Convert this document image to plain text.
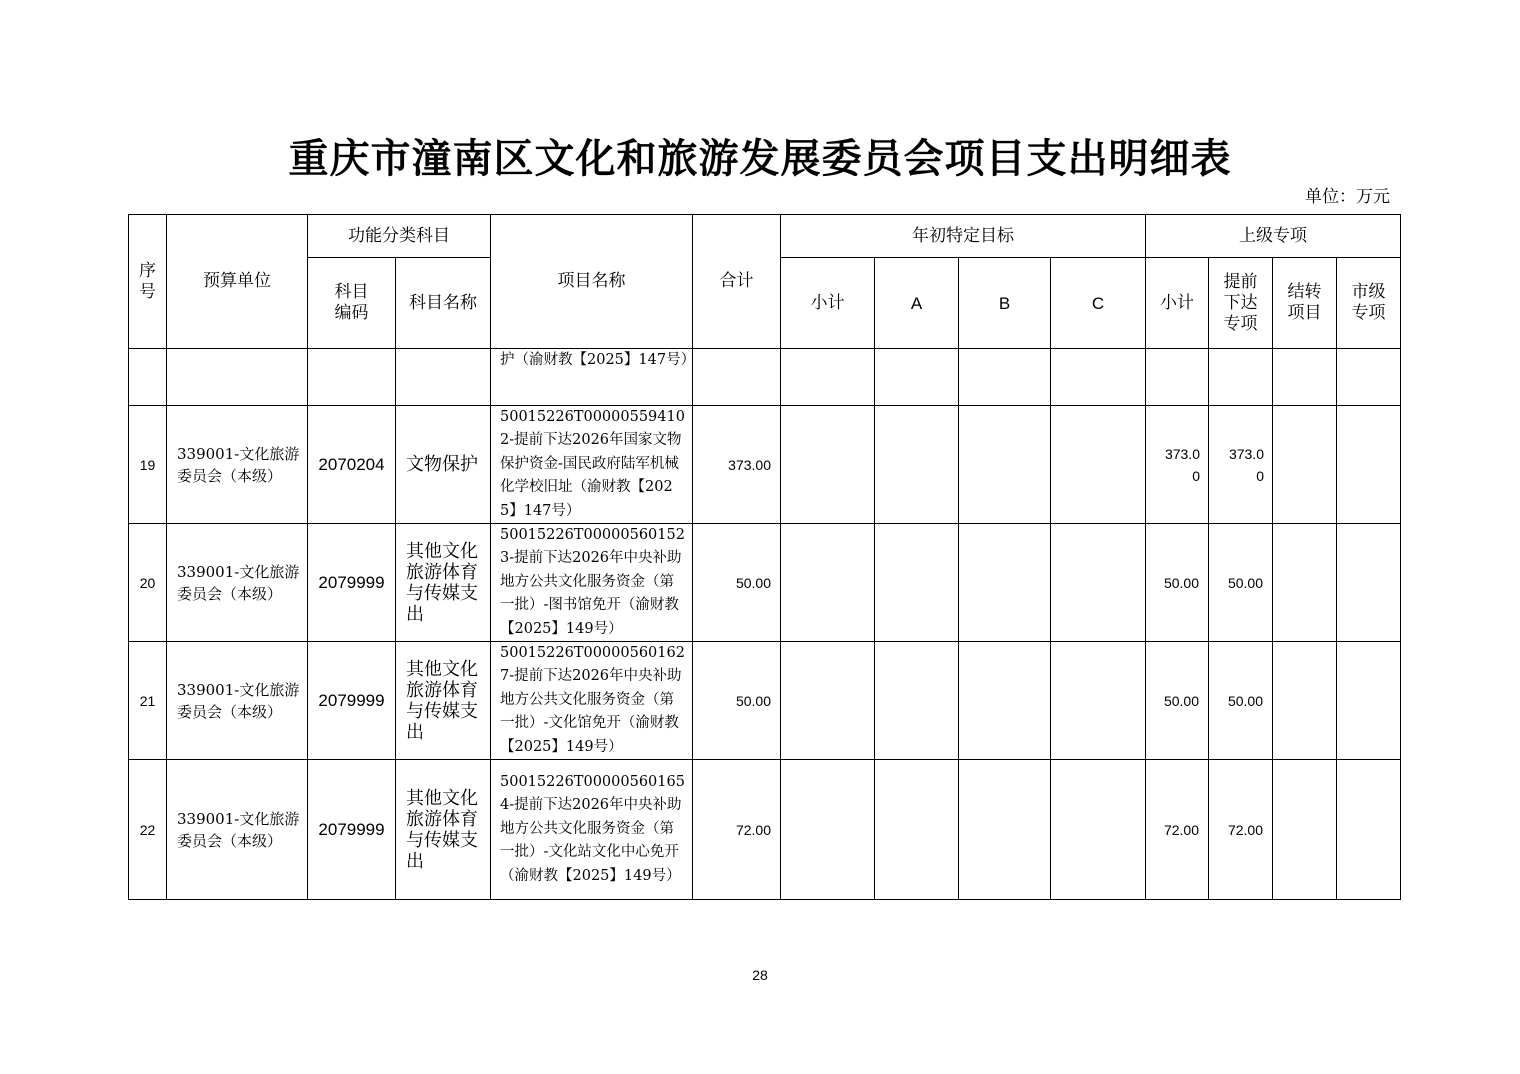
重庆市潼南区文化和旅游发展委员会项目支出明细表
单位：万元
序号	预算单位	功能分类科目		项目名称	合计	年初特定目标				上级专项			

		科目编码	科目名称			小计	A	B	C	小计	提前下达专项	结转项目	市级专项

				护（渝财教【2025】147号）									
19	339001-文化旅游委员会（本级）	2070204	文物保护	50015226T000005594102-提前下达2026年国家文物保护资金-国民政府陆军机械化学校旧址（渝财教【2025】147号）	373.00					373.00	373.00		

20	339001-文化旅游委员会（本级）	2079999	其他文化旅游体育与传媒支出	50015226T000005601523-提前下达2026年中央补助地方公共文化服务资金（第一批）-图书馆免开（渝财教【2025】149号）	50.00					50.00	50.00		
21	339001-文化旅游委员会（本级）	2079999	其他文化旅游体育与传媒支出	50015226T000005601627-提前下达2026年中央补助地方公共文化服务资金（第一批）-文化馆免开（渝财教【2025】149号）	50.00					50.00	50.00		
22	339001-文化旅游委员会（本级）	2079999	其他文化旅游体育与传媒支出	50015226T000005601654-提前下达2026年中央补助地方公共文化服务资金（第一批）-文化站文化中心免开（渝财教【2025】149号）	72.00					72.00	72.00		
28
